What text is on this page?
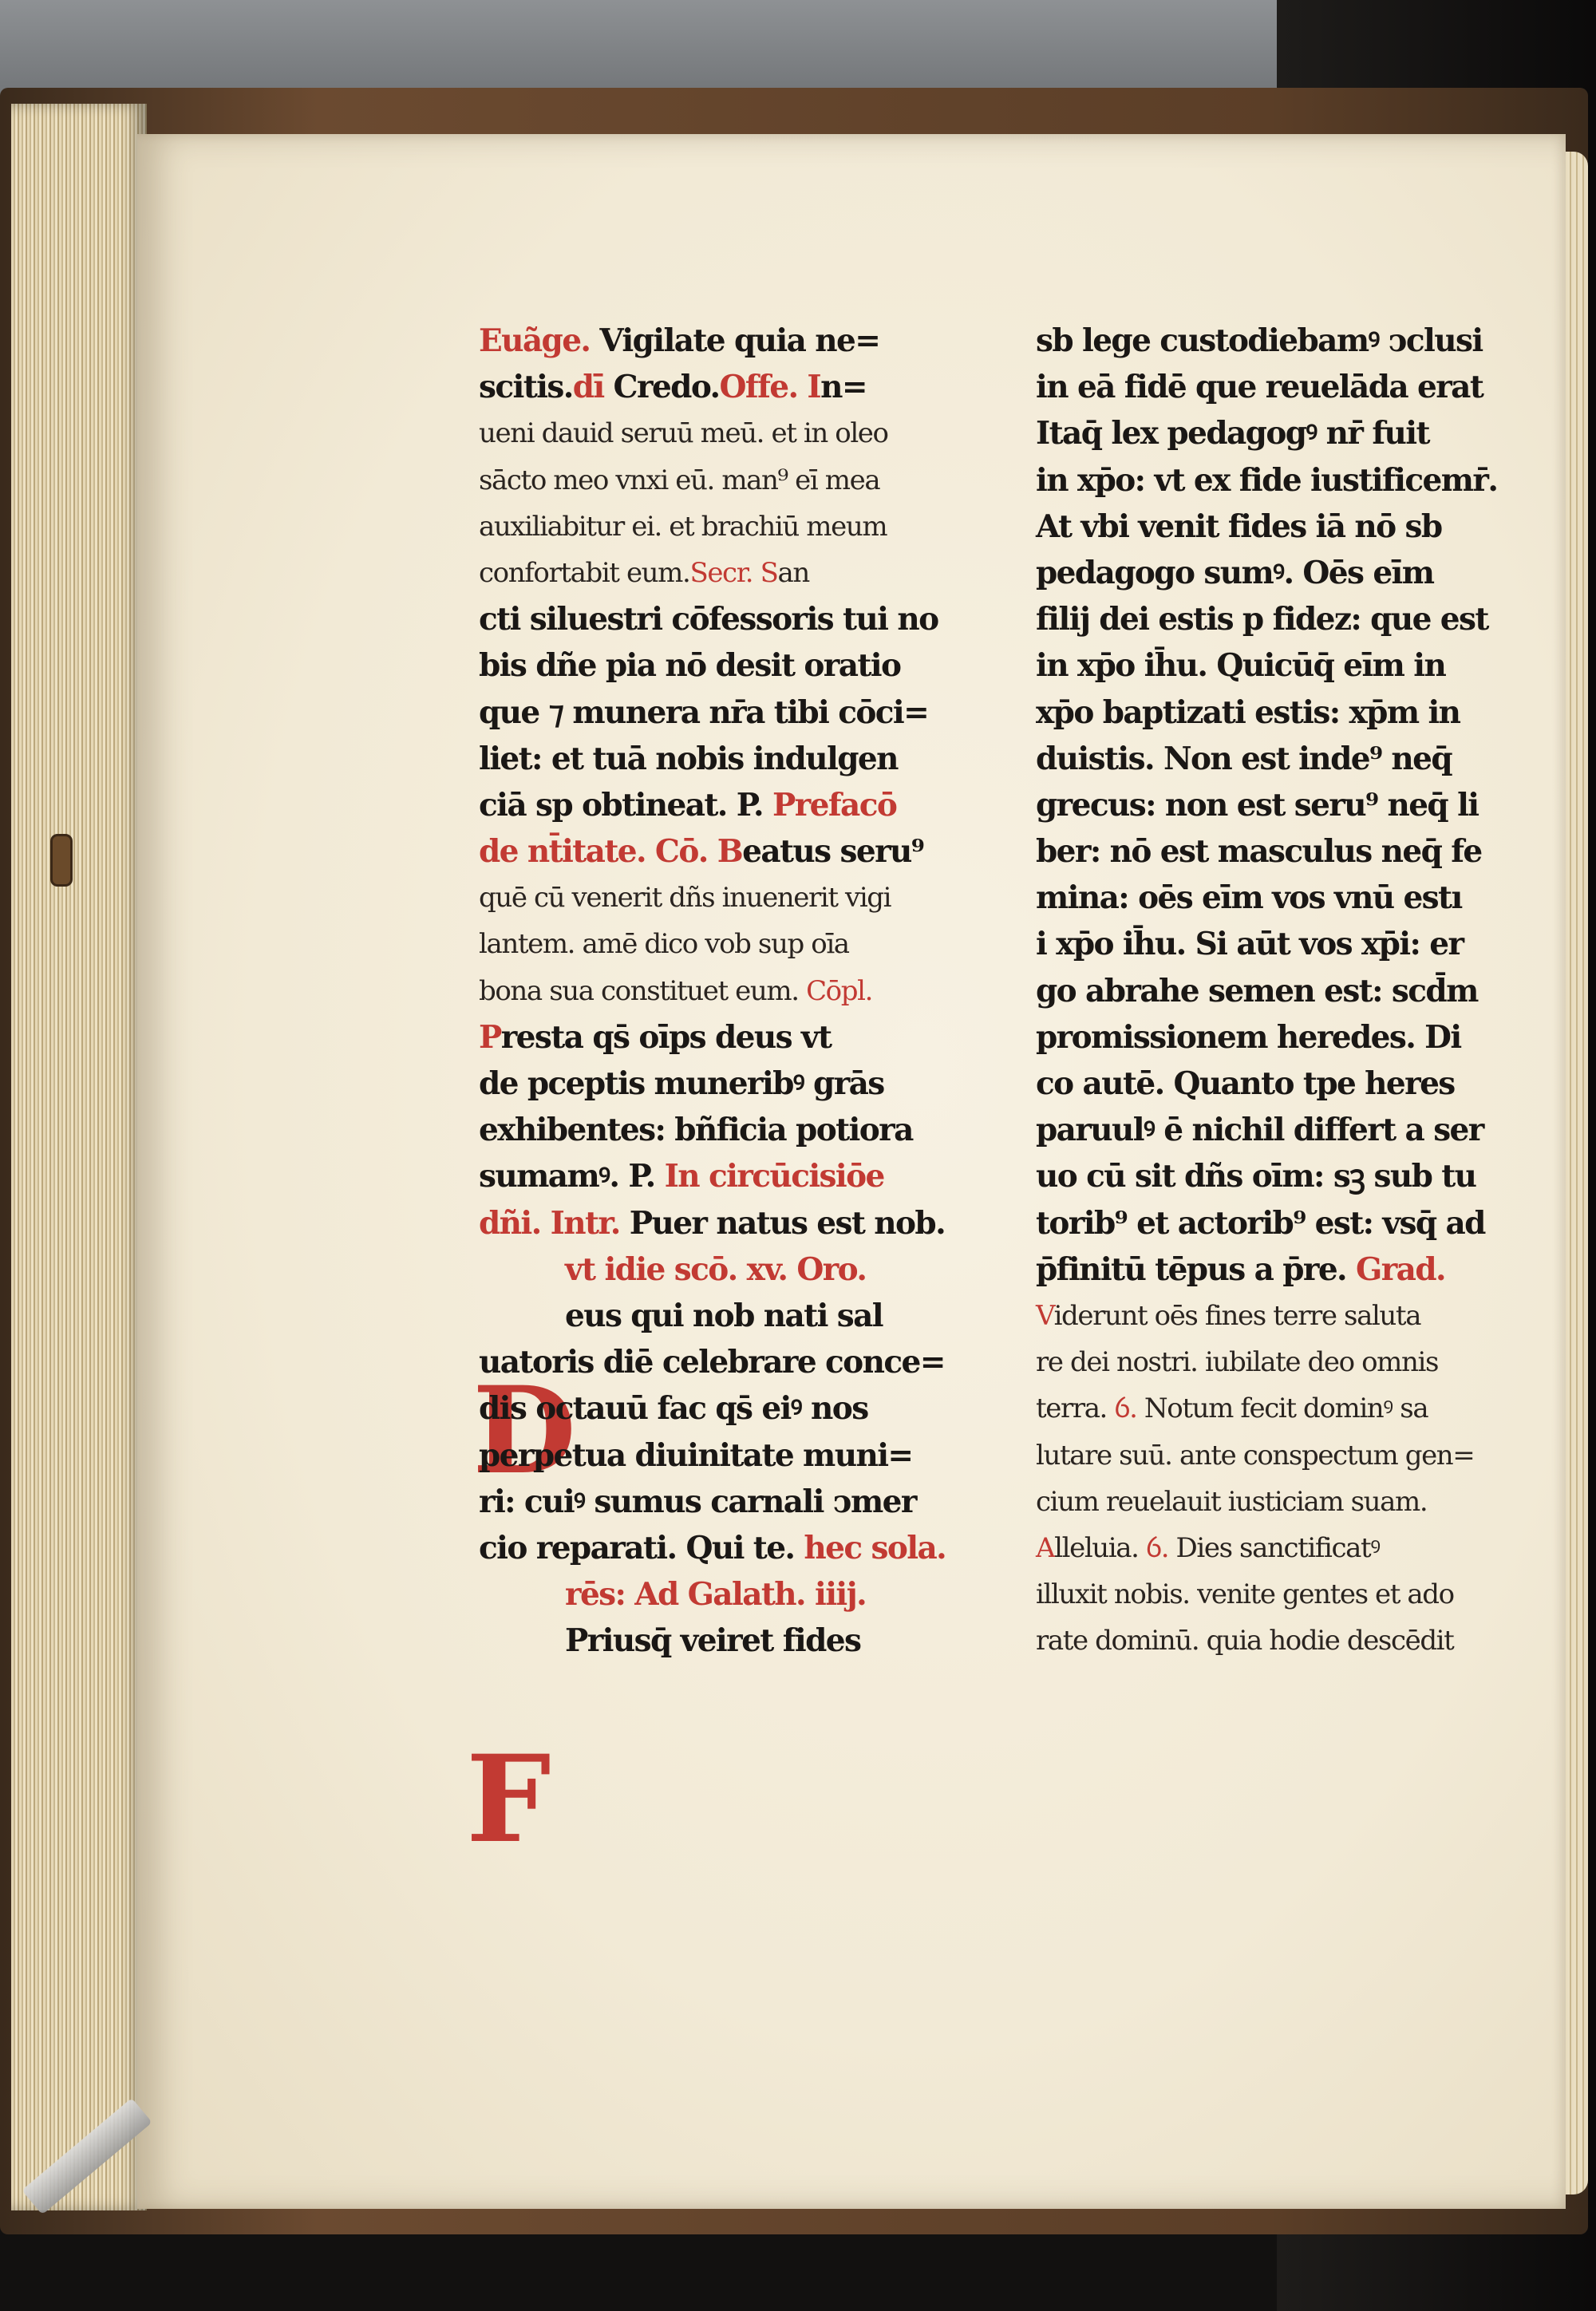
D
F
Euãge. Vigilate quia ne=
scitis.dī Credo.Offe. In=
ueni dauid seruū meū. et in oleo
sācto meo vnxi eū. man⁹ eī mea
auxiliabitur ei. et brachiū meum
confortabit eum.Secr. San
cti siluestri cōfessoris tui no
bis dñe pia nō desit oratio
que ⁊ munera nr̄a tibi cōci=
liet: et tuā nobis indulgen
ciā sp obtineat. P. Prefacō
de nt̄itate. Cō. Beatus seru⁹
quē cū venerit dñs inuenerit vigi
lantem. amē dico vob sup oīa
bona sua constituet eum. Cōpl.
Presta qs̄ oīps deus vt
de pceptis muneribꝰ grās
exhibentes: bñficia potiora
sumamꝰ. P. In circūcisiōe
dñi. Intr. Puer natus est nob.
vt idie scō. xv. Oro.
eus qui nob nati sal
uatoris diē celebrare conce=
dis octauū fac qs̄ eiꝰ nos
perpetua diuinitate muni=
ri: cuiꝰ sumus carnali ↄmer
cio reparati. Qui te. hec sola.
rēs: Ad Galath. iiij.
Priusq̄ veiret fides
sb lege custodiebamꝰ ↄclusi
in eā fidē que reuelāda erat
Itaq̄ lex pedagogꝰ nr̄ fuit
in xp̄o: vt ex fide iustificemr̄.
At vbi venit fides iā nō sb
pedagogo sumꝰ. Oēs eīm
filij dei estis p fidez: que est
in xp̄o ih̄u. Quicūq̄ eīm in
xp̄o baptizati estis: xp̄m in
duistis. Non est inde⁹ neq̄
grecus: non est seru⁹ neq̄ li
ber: nō est masculus neq̄ fe
mina: oēs eīm vos vnū estı
i xp̄o ih̄u. Si aūt vos xp̄i: er
go abrahe semen est: scd̄m
promissionem heredes. Di
co autē. Quanto tpe heres
paruulꝰ ē nichil differt a ser
uo cū sit dñs oīm: sꝫ sub tu
torib⁹ et actorib⁹ est: vsq̄ ad
p̄finitū tēpus a p̄re. Grad.
Viderunt oēs fines terre saluta
re dei nostri. iubilate deo omnis
terra. ỽ. Notum fecit dominꝰ sa
lutare suū. ante conspectum gen=
cium reuelauit iusticiam suam.
Alleluia. ỽ. Dies sanctificatꝰ
illuxit nobis. venite gentes et ado
rate dominū. quia hodie descēdit
